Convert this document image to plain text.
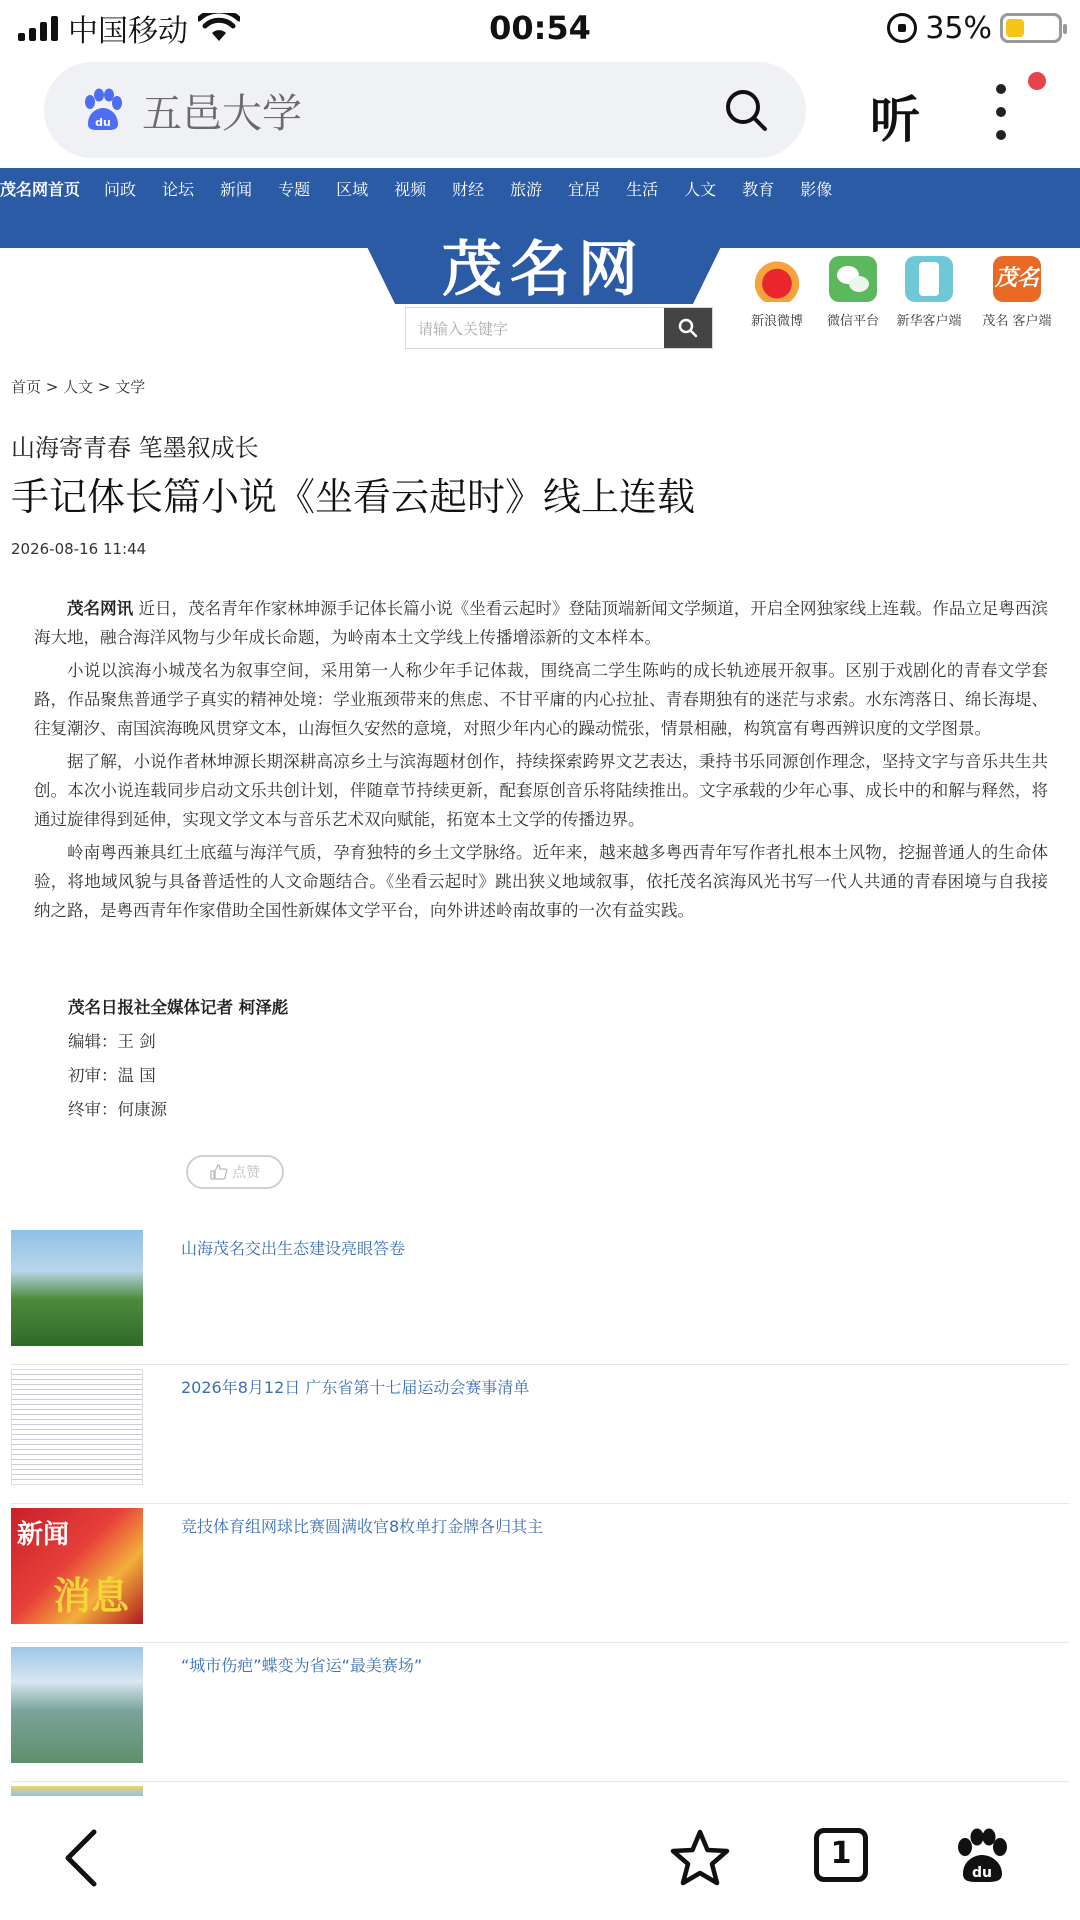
中国移动	00:54	35%
du 五邑大学	听
茂名网首页 问政 论坛 新闻 专题 区域 视频 财经 旅游 宜居 生活 人文 教育 影像
茂名网
请输入关键字	新浪微博	微信平台	新华客户端
茂名
茂名 客户端
首页 > 人文 > 文学
山海寄青春 笔墨叙成长
手记体长篇小说《坐看云起时》线上连载
2026-08-16 11:44

茂名网讯 近日，茂名青年作家林坤源手记体长篇小说《坐看云起时》登陆顶端新闻文学频道，开启全网独家线上连载。作品立足粤西滨海大地，融合海洋风物与少年成长命题，为岭南本土文学线上传播增添新的文本样本。

小说以滨海小城茂名为叙事空间，采用第一人称少年手记体裁，围绕高二学生陈屿的成长轨迹展开叙事。区别于戏剧化的青春文学套路，作品聚焦普通学子真实的精神处境：学业瓶颈带来的焦虑、不甘平庸的内心拉扯、青春期独有的迷茫与求索。水东湾落日、绵长海堤、往复潮汐、南国滨海晚风贯穿文本，山海恒久安然的意境，对照少年内心的躁动慌张，情景相融，构筑富有粤西辨识度的文学图景。

据了解，小说作者林坤源长期深耕高凉乡土与滨海题材创作，持续探索跨界文艺表达，秉持书乐同源创作理念，坚持文字与音乐共生共创。本次小说连载同步启动文乐共创计划，伴随章节持续更新，配套原创音乐将陆续推出。文字承载的少年心事、成长中的和解与释然，将通过旋律得到延伸，实现文学文本与音乐艺术双向赋能，拓宽本土文学的传播边界。

岭南粤西兼具红土底蕴与海洋气质，孕育独特的乡土文学脉络。近年来，越来越多粤西青年写作者扎根本土风物，挖掘普通人的生命体验，将地域风貌与具备普适性的人文命题结合。《坐看云起时》跳出狭义地域叙事，依托茂名滨海风光书写一代人共通的青春困境与自我接纳之路，是粤西青年作家借助全国性新媒体文学平台，向外讲述岭南故事的一次有益实践。

茂名日报社全媒体记者 柯泽彪
编辑：王 剑
初审：温 国
终审：何康源
点赞
山海茂名交出生态建设亮眼答卷
2026年8月12日 广东省第十七届运动会赛事清单
新闻
消息
竞技体育组网球比赛圆满收官8枚单打金牌各归其主
“城市伤疤”蝶变为省运“最美赛场”
1
du
